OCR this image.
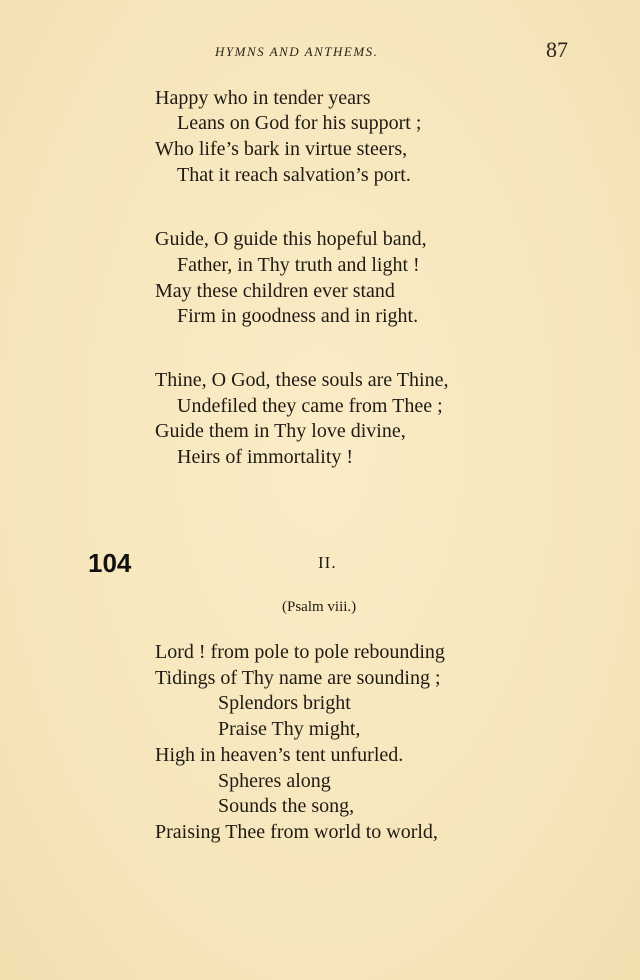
HYMNS AND ANTHEMS.	87
Happy who in tender years
Leans on God for his support ;
Who life’s bark in virtue steers,
That it reach salvation’s port.
Guide, O guide this hopeful band,
Father, in Thy truth and light !
May these children ever stand
Firm in goodness and in right.
Thine, O God, these souls are Thine,
Undefiled they came from Thee ;
Guide them in Thy love divine,
Heirs of immortality !
104	II.
(Psalm viii.)
Lord ! from pole to pole rebounding
Tidings of Thy name are sounding ;
Splendors bright
Praise Thy might,
High in heaven’s tent unfurled.
Spheres along
Sounds the song,
Praising Thee from world to world,
